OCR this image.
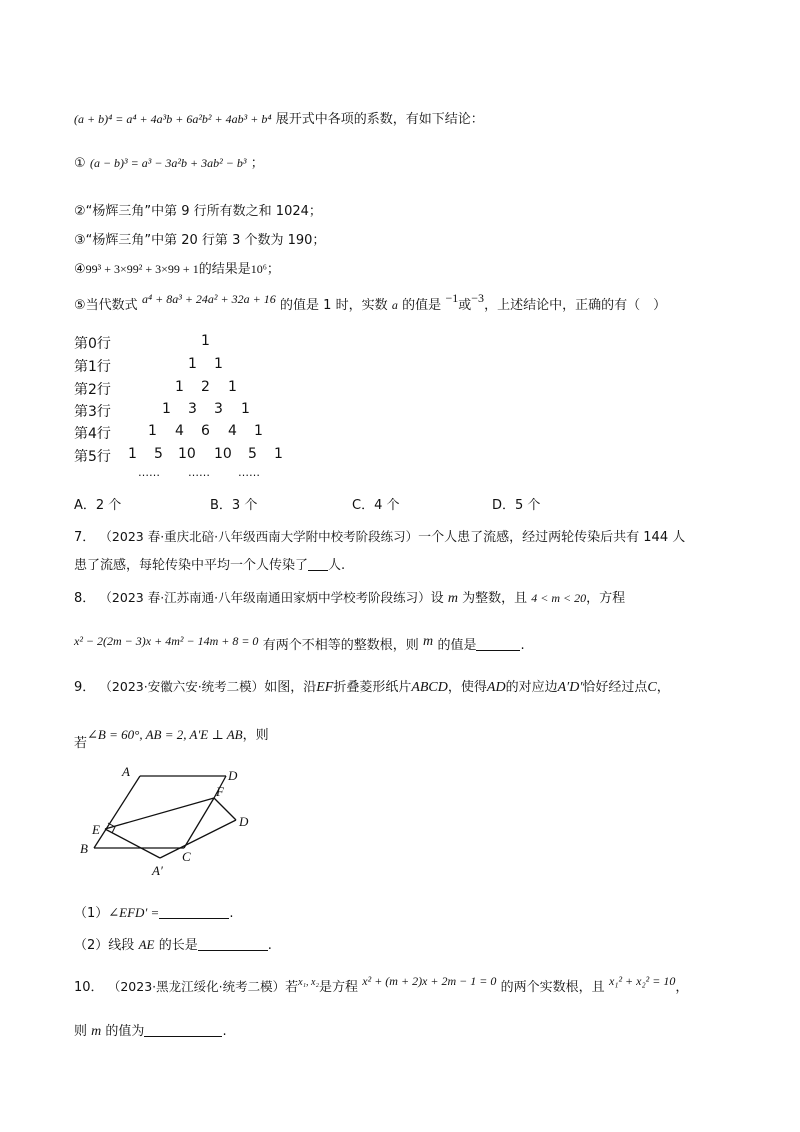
(a + b)⁴ = a⁴ + 4a³b + 6a²b² + 4ab³ + b⁴ 展开式中各项的系数，有如下结论：
① (a − b)³ = a³ − 3a²b + 3ab² − b³ ；
②“杨辉三角”中第 9 行所有数之和 1024；
③“杨辉三角”中第 20 行第 3 个数为 190；
④99³ + 3×99² + 3×99 + 1的结果是10⁶；
⑤当代数式 a⁴ + 8a³ + 24a² + 32a + 16 的值是 1 时，实数 a 的值是 −1或−3，上述结论中，正确的有（　）
第0行	1
第1行	1 1
第2行	1 2 1
第3行	1 3 3 1
第4行	1 4 6 4 1
第5行 1 5 10 10 5 1
……	……	……
A．2 个	B．3 个	C．4 个	D．5 个
7． （2023 春·重庆北碚·八年级西南大学附中校考阶段练习）一个人患了流感，经过两轮传染后共有 144 人
患了流感，每轮传染中平均一个人传染了 人.
8． （2023 春·江苏南通·八年级南通田家炳中学校考阶段练习）设 m 为整数，且 4 < m < 20，方程
x² − 2(2m − 3)x + 4m² − 14m + 8 = 0 有两个不相等的整数根，则 m 的值是	.
9． （2023·安徽六安·统考二模）如图，沿EF折叠菱形纸片ABCD，使得AD的对应边A′D′恰好经过点C，
若∠B = 60°, AB = 2, A′E ⊥ AB，则
A	D
F
D
E
B
C
A′
（1）∠EFD′ =	.
（2）线段 AE 的长是	.
10． （2023·黑龙江绥化·统考二模）若$^{x_1, x_2}$是方程 x² + (m + 2)x + 2m − 1 = 0 的两个实数根，且 x₁² + x₂² = 10，
则 m 的值为	.
